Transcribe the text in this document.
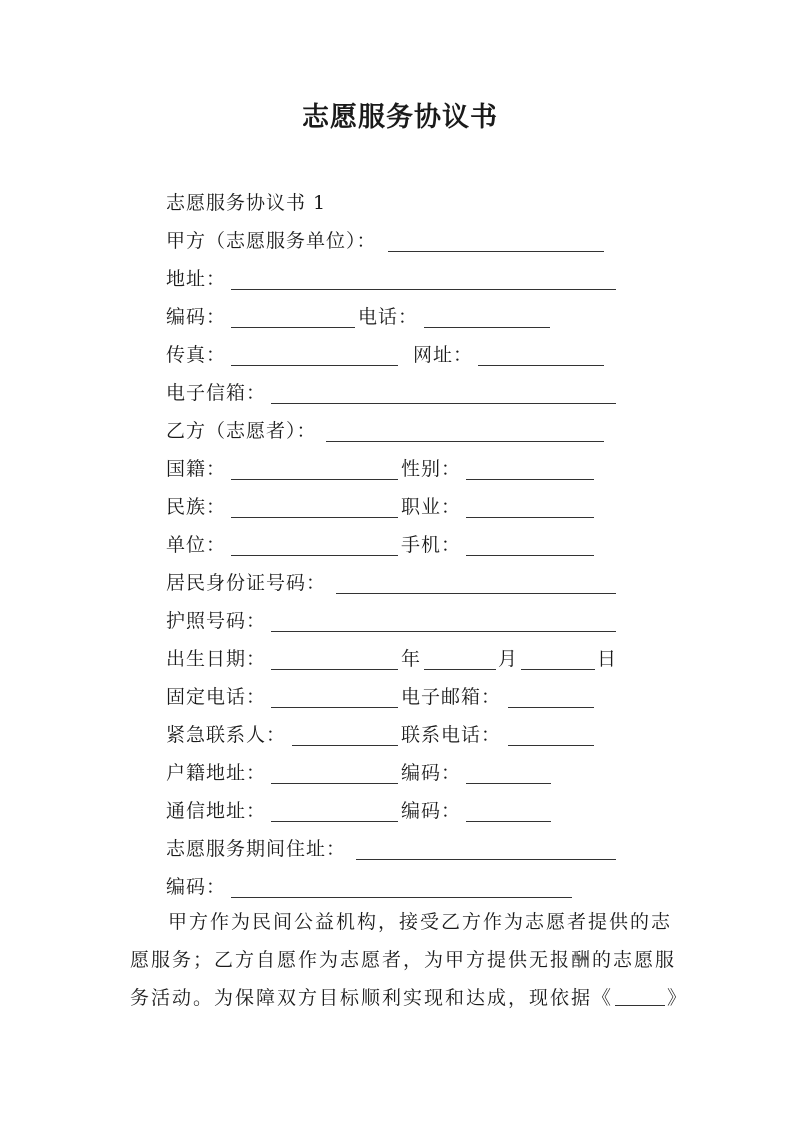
志愿服务协议书
志愿服务协议书 1
甲方（志愿服务单位）：
地址：
编码：	电话：
传真：	网址：
电子信箱：
乙方（志愿者）：
国籍：	性别：
民族：	职业：
单位：	手机：
居民身份证号码：
护照号码：
出生日期：	年	月	日
固定电话：	电子邮箱：
紧急联系人：	联系电话：
户籍地址：	编码：
通信地址：	编码：
志愿服务期间住址：
编码：
甲方作为民间公益机构，接受乙方作为志愿者提供的志
愿服务；乙方自愿作为志愿者，为甲方提供无报酬的志愿服
务活动。为保障双方目标顺利实现和达成，现依据《	》
